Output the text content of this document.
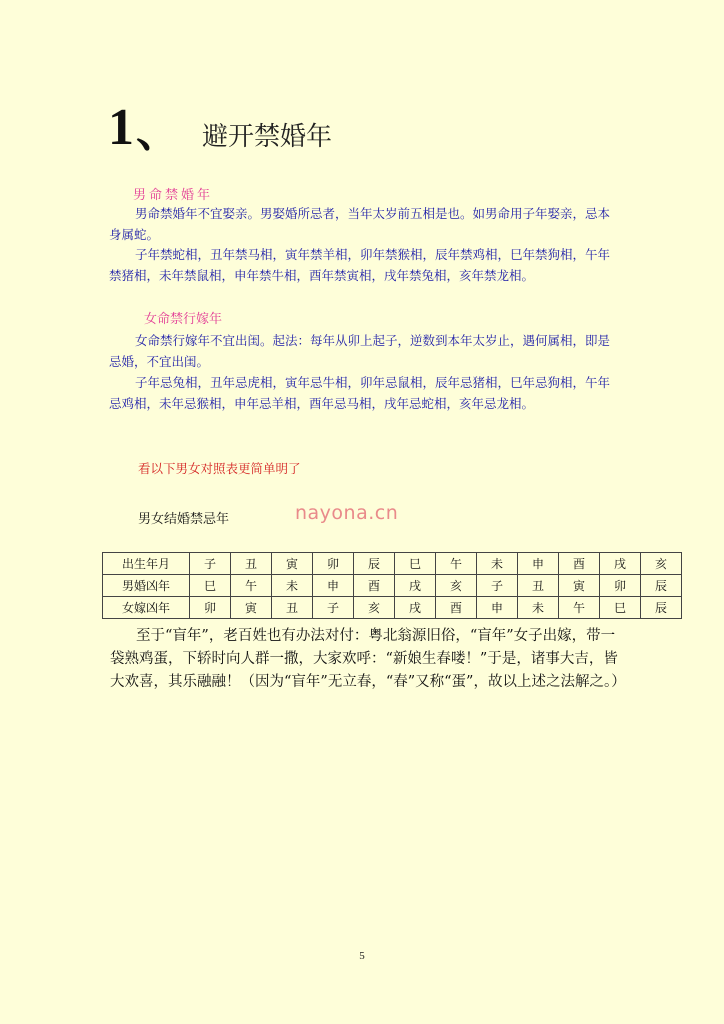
1 、 避开禁婚年
男命禁婚年

男命禁婚年不宜娶亲。男娶婚所忌者，当年太岁前五相是也。如男命用子年娶亲，忌本身属蛇。

子年禁蛇相，丑年禁马相，寅年禁羊相，卯年禁猴相，辰年禁鸡相，巳年禁狗相，午年禁猪相，未年禁鼠相，申年禁牛相，酉年禁寅相，戌年禁兔相，亥年禁龙相。

女命禁行嫁年

女命禁行嫁年不宜出闺。起法：每年从卯上起子，逆数到本年太岁止，遇何属相，即是忌婚，不宜出闺。

子年忌兔相，丑年忌虎相，寅年忌牛相，卯年忌鼠相，辰年忌猪相，巳年忌狗相，午年忌鸡相，未年忌猴相，申年忌羊相，酉年忌马相，戌年忌蛇相，亥年忌龙相。

看以下男女对照表更简单明了
男女结婚禁忌年	nayona.cn
出生年月	子	丑	寅	卯	辰	巳	午	未	申	酉	戌	亥
男婚凶年	巳	午	未	申	酉	戌	亥	子	丑	寅	卯	辰
女嫁凶年	卯	寅	丑	子	亥	戌	酉	申	未	午	巳	辰

至于“盲年”，老百姓也有办法对付：粤北翁源旧俗，“盲年”女子出嫁，带一袋熟鸡蛋，下轿时向人群一撒，大家欢呼：“新娘生春喽！”于是，诸事大吉，皆大欢喜，其乐融融！（因为“盲年”无立春，“春”又称“蛋”，故以上述之法解之。）

5
